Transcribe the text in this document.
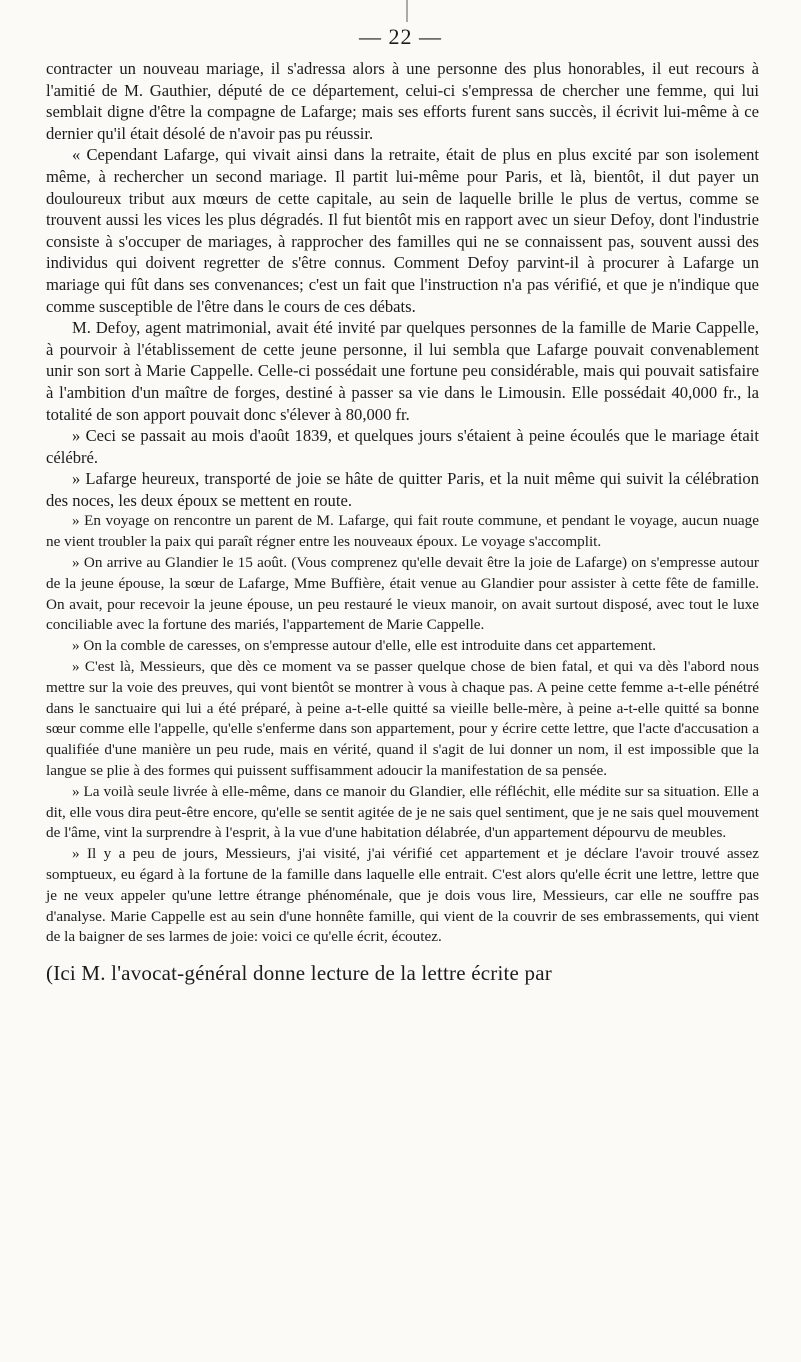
— 22 —

contracter un nouveau mariage, il s'adressa alors à une personne des plus honorables, il eut recours à l'amitié de M. Gauthier, député de ce département, celui-ci s'empressa de chercher une femme, qui lui semblait digne d'être la compagne de Lafarge; mais ses efforts furent sans succès, il écrivit lui-même à ce dernier qu'il était désolé de n'avoir pas pu réussir.

« Cependant Lafarge, qui vivait ainsi dans la retraite, était de plus en plus excité par son isolement même, à rechercher un second mariage. Il partit lui-même pour Paris, et là, bientôt, il dut payer un douloureux tribut aux mœurs de cette capitale, au sein de laquelle brille le plus de vertus, comme se trouvent aussi les vices les plus dégradés. Il fut bientôt mis en rapport avec un sieur Defoy, dont l'industrie consiste à s'occuper de mariages, à rapprocher des familles qui ne se connaissent pas, souvent aussi des individus qui doivent regretter de s'être connus. Comment Defoy parvint-il à procurer à Lafarge un mariage qui fût dans ses convenances; c'est un fait que l'instruction n'a pas vérifié, et que je n'indique que comme susceptible de l'être dans le cours de ces débats.

M. Defoy, agent matrimonial, avait été invité par quelques personnes de la famille de Marie Cappelle, à pourvoir à l'établissement de cette jeune personne, il lui sembla que Lafarge pouvait convenablement unir son sort à Marie Cappelle. Celle-ci possédait une fortune peu considérable, mais qui pouvait satisfaire à l'ambition d'un maître de forges, destiné à passer sa vie dans le Limousin. Elle possédait 40,000 fr., la totalité de son apport pouvait donc s'élever à 80,000 fr.

» Ceci se passait au mois d'août 1839, et quelques jours s'étaient à peine écoulés que le mariage était célébré.

» Lafarge heureux, transporté de joie se hâte de quitter Paris, et la nuit même qui suivit la célébration des noces, les deux époux se mettent en route.

» En voyage on rencontre un parent de M. Lafarge, qui fait route commune, et pendant le voyage, aucun nuage ne vient troubler la paix qui paraît régner entre les nouveaux époux. Le voyage s'accomplit.

» On arrive au Glandier le 15 août. (Vous comprenez qu'elle devait être la joie de Lafarge) on s'empresse autour de la jeune épouse, la sœur de Lafarge, Mme Buffière, était venue au Glandier pour assister à cette fête de famille. On avait, pour recevoir la jeune épouse, un peu restauré le vieux manoir, on avait surtout disposé, avec tout le luxe conciliable avec la fortune des mariés, l'appartement de Marie Cappelle.

» On la comble de caresses, on s'empresse autour d'elle, elle est introduite dans cet appartement.

» C'est là, Messieurs, que dès ce moment va se passer quelque chose de bien fatal, et qui va dès l'abord nous mettre sur la voie des preuves, qui vont bientôt se montrer à vous à chaque pas. A peine cette femme a-t-elle pénétré dans le sanctuaire qui lui a été préparé, à peine a-t-elle quitté sa vieille belle-mère, à peine a-t-elle quitté sa bonne sœur comme elle l'appelle, qu'elle s'enferme dans son appartement, pour y écrire cette lettre, que l'acte d'accusation a qualifiée d'une manière un peu rude, mais en vérité, quand il s'agit de lui donner un nom, il est impossible que la langue se plie à des formes qui puissent suffisamment adoucir la manifestation de sa pensée.

» La voilà seule livrée à elle-même, dans ce manoir du Glandier, elle réfléchit, elle médite sur sa situation. Elle a dit, elle vous dira peut-être encore, qu'elle se sentit agitée de je ne sais quel sentiment, que je ne sais quel mouvement de l'âme, vint la surprendre à l'esprit, à la vue d'une habitation délabrée, d'un appartement dépourvu de meubles.

» Il y a peu de jours, Messieurs, j'ai visité, j'ai vérifié cet appartement et je déclare l'avoir trouvé assez somptueux, eu égard à la fortune de la famille dans laquelle elle entrait. C'est alors qu'elle écrit une lettre, lettre que je ne veux appeler qu'une lettre étrange phénoménale, que je dois vous lire, Messieurs, car elle ne souffre pas d'analyse. Marie Cappelle est au sein d'une honnête famille, qui vient de la couvrir de ses embrassements, qui vient de la baigner de ses larmes de joie: voici ce qu'elle écrit, écoutez.

(Ici M. l'avocat-général donne lecture de la lettre écrite par
